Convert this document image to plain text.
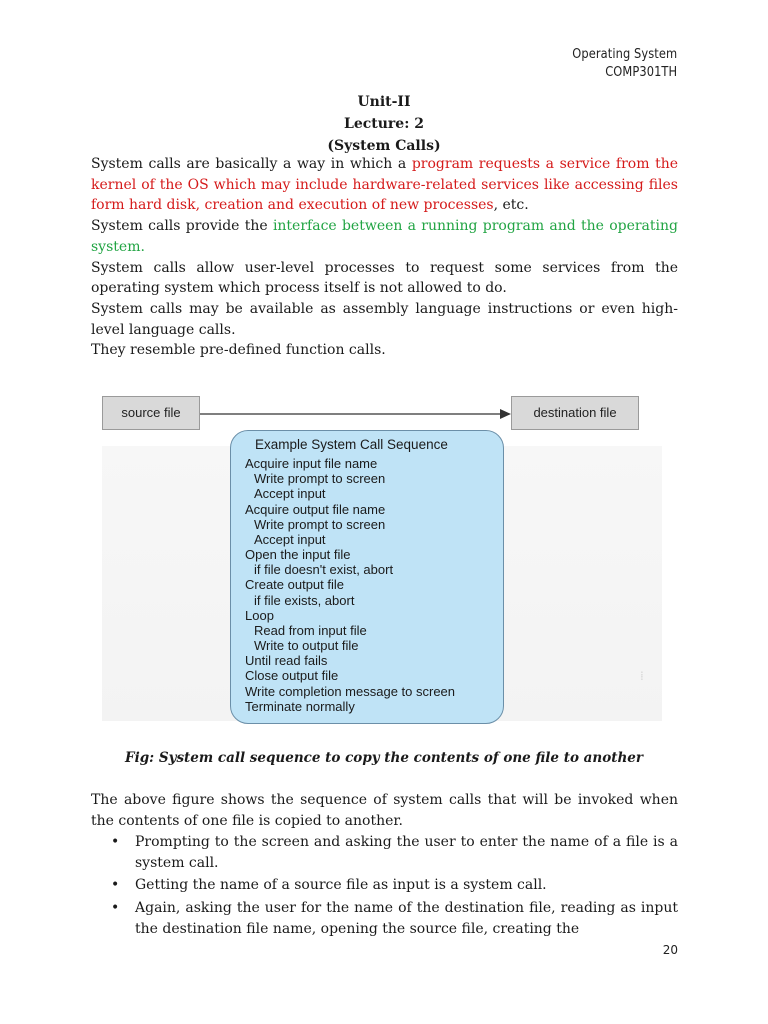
Operating System
COMP301TH
Unit-II
Lecture: 2
(System Calls)

System calls are basically a way in which a program requests a service from the kernel of the OS which may include hardware-related services like accessing files form hard disk, creation and execution of new processes, etc.

System calls provide the interface between a running program and the operating system.

System calls allow user-level processes to request some services from the operating system which process itself is not allowed to do.

System calls may be available as assembly language instructions or even high-level language calls.

They resemble pre-defined function calls.

source file	destination file
Example System Call Sequence
Acquire input file name
Write prompt to screen
Accept input
Acquire output file name
Write prompt to screen
Accept input
Open the input file
if file doesn't exist, abort
Create output file
if file exists, abort
Loop
Read from input file
Write to output file
Until read fails
Close output file
Write completion message to screen
Terminate normally
⁞
Fig: System call sequence to copy the contents of one file to another

The above figure shows the sequence of system calls that will be invoked when the contents of one file is copied to another.

• Prompting to the screen and asking the user to enter the name of a file is a system call.
• Getting the name of a source file as input is a system call.
• Again, asking the user for the name of the destination file, reading as input the destination file name, opening the source file, creating the
20
